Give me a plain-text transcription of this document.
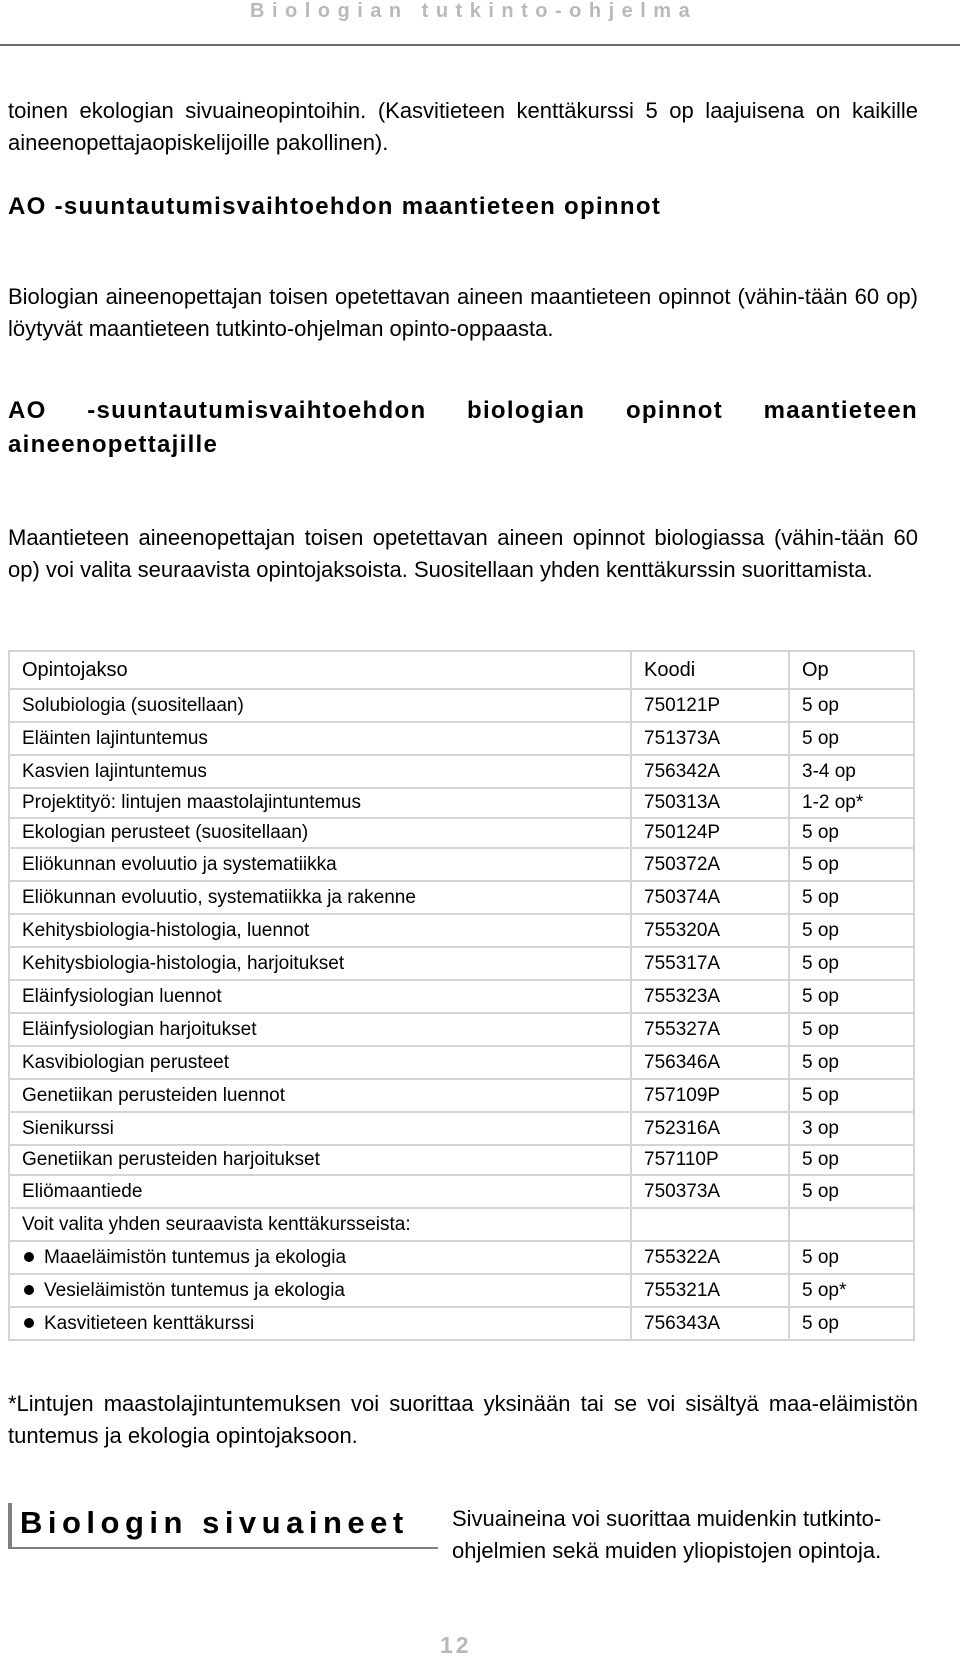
Biologian tutkinto-ohjelma
toinen ekologian sivuaineopintoihin. (Kasvitieteen kenttäkurssi 5 op laajuisena on kaikille aineenopettajaopiskelijoille pakollinen).
AO -suuntautumisvaihtoehdon maantieteen opinnot
Biologian aineenopettajan toisen opetettavan aineen maantieteen opinnot (vähin-tään 60 op) löytyvät maantieteen tutkinto-ohjelman opinto-oppaasta.
AO -suuntautumisvaihtoehdon biologian opinnot maantieteen aineenopettajille
Maantieteen aineenopettajan toisen opetettavan aineen opinnot biologiassa (vähin-tään 60 op) voi valita seuraavista opintojaksoista. Suositellaan yhden kenttäkurssin suorittamista.
Opintojakso	Koodi	Op
Solubiologia (suositellaan)	750121P	5 op
Eläinten lajintuntemus	751373A	5 op
Kasvien lajintuntemus	756342A	3-4 op
Projektityö: lintujen maastolajintuntemus	750313A	1-2 op*
Ekologian perusteet (suositellaan)	750124P	5 op
Eliökunnan evoluutio ja systematiikka	750372A	5 op
Eliökunnan evoluutio, systematiikka ja rakenne	750374A	5 op
Kehitysbiologia-histologia, luennot	755320A	5 op
Kehitysbiologia-histologia, harjoitukset	755317A	5 op
Eläinfysiologian luennot	755323A	5 op
Eläinfysiologian harjoitukset	755327A	5 op
Kasvibiologian perusteet	756346A	5 op
Genetiikan perusteiden luennot	757109P	5 op
Sienikurssi	752316A	3 op
Genetiikan perusteiden harjoitukset	757110P	5 op
Eliömaantiede	750373A	5 op
Voit valita yhden seuraavista kenttäkursseista:		
Maaeläimistön tuntemus ja ekologia	755322A	5 op
Vesieläimistön tuntemus ja ekologia	755321A	5 op*
Kasvitieteen kenttäkurssi	756343A	5 op
*Lintujen maastolajintuntemuksen voi suorittaa yksinään tai se voi sisältyä maa-eläimistön tuntemus ja ekologia opintojaksoon.
Biologin sivuaineet Sivuaineina voi suorittaa muidenkin tutkinto-ohjelmien sekä muiden yliopistojen opintoja.
12
